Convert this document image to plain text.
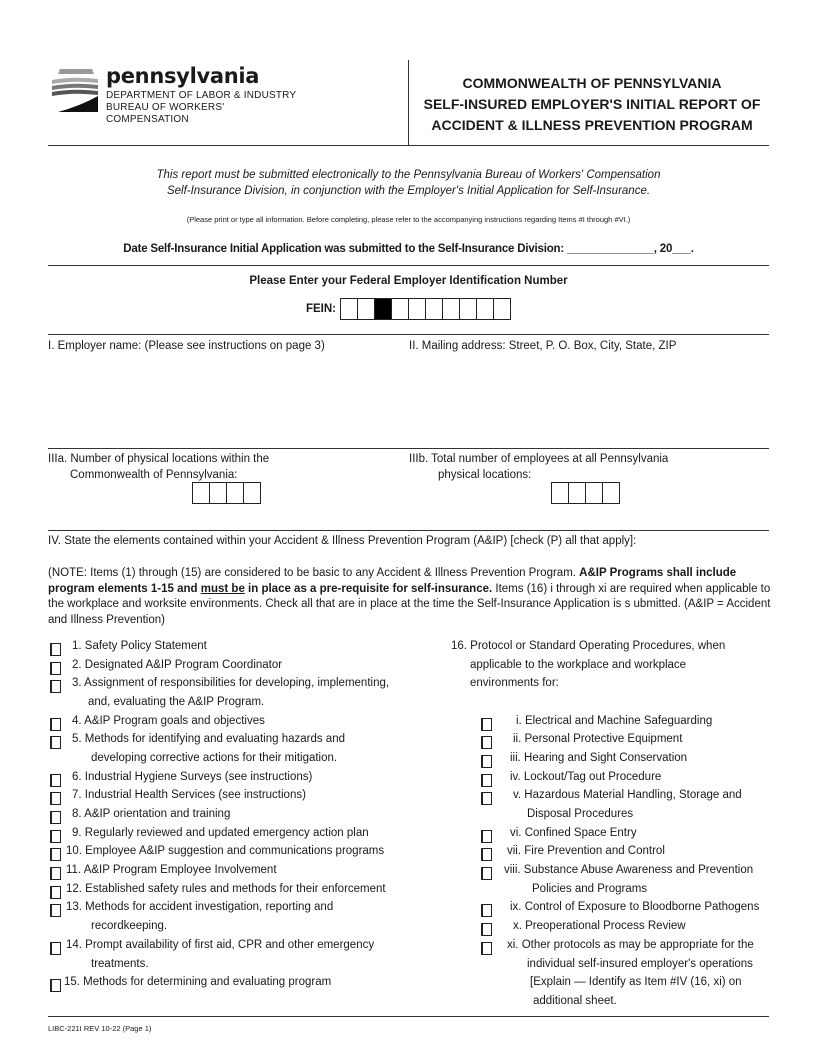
pennsylvania
DEPARTMENT OF LABOR & INDUSTRY
BUREAU OF WORKERS' COMPENSATION
COMMONWEALTH OF PENNSYLVANIA
SELF-INSURED EMPLOYER'S INITIAL REPORT OF
ACCIDENT & ILLNESS PREVENTION PROGRAM
This report must be submitted electronically to the Pennsylvania Bureau of Workers' Compensation
Self-Insurance Division, in conjunction with the Employer's Initial Application for Self-Insurance.
(Please print or type all information. Before completing, please refer to the accompanying instructions regarding Items #I through #VI.)
Date Self-Insurance Initial Application was submitted to the Self-Insurance Division: ______________, 20___.
Please Enter your Federal Employer Identification Number
FEIN:
I. Employer name: (Please see instructions on page 3)	II. Mailing address: Street, P. O. Box, City, State, ZIP
IIIa. Number of physical locations within the
Commonwealth of Pennsylvania:
IIIb. Total number of employees at all Pennsylvania
physical locations:
IV. State the elements contained within your Accident & Illness Prevention Program (A&IP) [check (P) all that apply]:
(NOTE: Items (1) through (15) are considered to be basic to any Accident & Illness Prevention Program. A&IP Programs shall include program elements 1-15 and must be in place as a pre-requisite for self-insurance. Items (16) i through xi are required when applicable to the workplace and worksite environments. Check all that are in place at the time the Self-Insurance Application is s ubmitted. (A&IP = Accident and Illness Prevention)
1. Safety Policy Statement
2. Designated A&IP Program Coordinator
3. Assignment of responsibilities for developing, implementing,
and, evaluating the A&IP Program.
4. A&IP Program goals and objectives
5. Methods for identifying and evaluating hazards and
developing corrective actions for their mitigation.
6. Industrial Hygiene Surveys (see instructions)
7. Industrial Health Services (see instructions)
8. A&IP orientation and training
9. Regularly reviewed and updated emergency action plan
10. Employee A&IP suggestion and communications programs
11. A&IP Program Employee Involvement
12. Established safety rules and methods for their enforcement
13. Methods for accident investigation, reporting and
recordkeeping.
14. Prompt availability of first aid, CPR and other emergency
treatments.
15. Methods for determining and evaluating program
16. Protocol or Standard Operating Procedures, when
applicable to the workplace and workplace
environments for:
i. Electrical and Machine Safeguarding
ii. Personal Protective Equipment
iii. Hearing and Sight Conservation
iv. Lockout/Tag out Procedure
v. Hazardous Material Handling, Storage and
Disposal Procedures
vi. Confined Space Entry
vii. Fire Prevention and Control
viii. Substance Abuse Awareness and Prevention
Policies and Programs
ix. Control of Exposure to Bloodborne Pathogens
x. Preoperational Process Review
xi. Other protocols as may be appropriate for the
individual self-insured employer's operations
[Explain — Identify as Item #IV (16, xi) on
additional sheet.
LIBC-221I REV 10-22 (Page 1)
